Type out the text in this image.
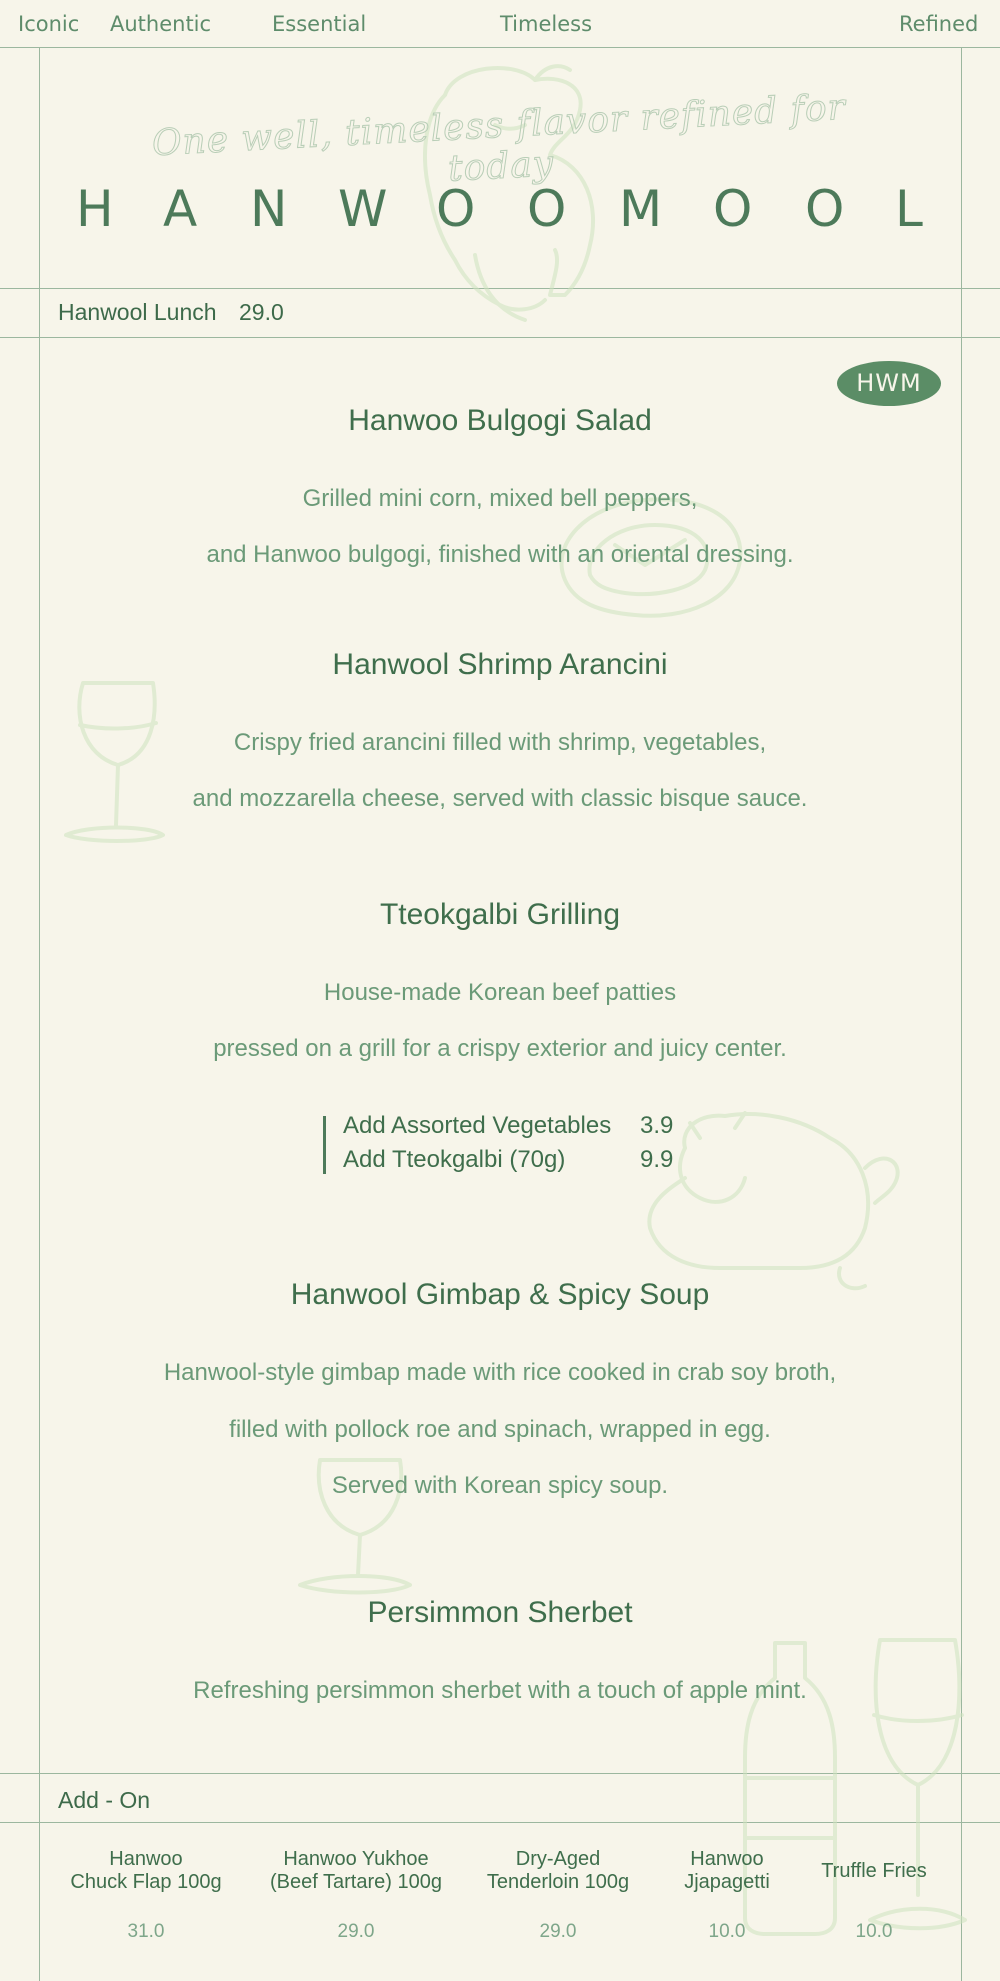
Iconic Authentic	Essential	Timeless	Refined
One well, timeless flavor refined for today
H A N W O O M O O L
Hanwool Lunch 29.0
HWM
Hanwoo Bulgogi Salad
Grilled mini corn, mixed bell peppers,
and Hanwoo bulgogi, finished with an oriental dressing.
Hanwool Shrimp Arancini
Crispy fried arancini filled with shrimp, vegetables,
and mozzarella cheese, served with classic bisque sauce.
Tteokgalbi Grilling
House-made Korean beef patties
pressed on a grill for a crispy exterior and juicy center.
Add Assorted Vegetables 3.9
Add Tteokgalbi (70g)	9.9
Hanwool Gimbap & Spicy Soup
Hanwool-style gimbap made with rice cooked in crab soy broth,
filled with pollock roe and spinach, wrapped in egg.
Served with Korean spicy soup.
Persimmon Sherbet
Refreshing persimmon sherbet with a touch of apple mint.
Add - On
Hanwoo
Chuck Flap 100g
31.0
Hanwoo Yukhoe
(Beef Tartare) 100g
29.0
Dry-Aged
Tenderloin 100g
29.0
Hanwoo
Jjapagetti
10.0
Truffle Fries
10.0
